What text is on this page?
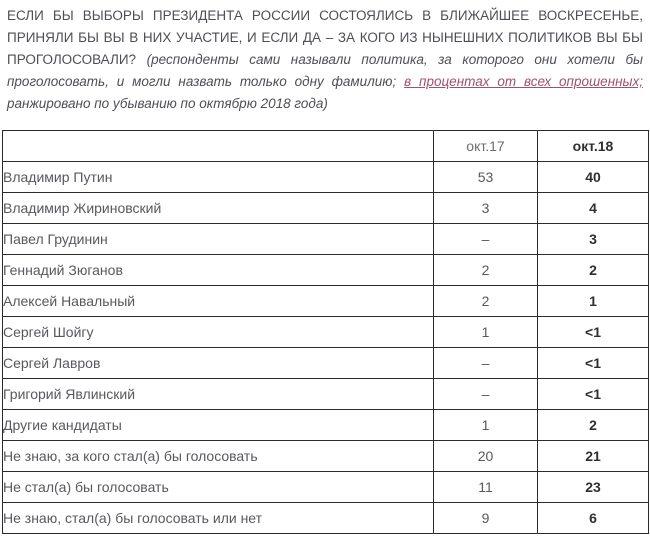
ЕСЛИ БЫ ВЫБОРЫ ПРЕЗИДЕНТА РОССИИ СОСТОЯЛИСЬ В БЛИЖАЙШЕЕ ВОСКРЕСЕНЬЕ,
ПРИНЯЛИ БЫ ВЫ В НИХ УЧАСТИЕ, И ЕСЛИ ДА – ЗА КОГО ИЗ НЫНЕШНИХ ПОЛИТИКОВ ВЫ БЫ
ПРОГОЛОСОВАЛИ? (респонденты сами называли политика, за которого они хотели бы
проголосовать, и могли назвать только одну фамилию; в процентах от всех опрошенных;
ранжировано по убыванию по октябрю 2018 года)
	окт.17	окт.18
Владимир Путин	53	40
Владимир Жириновский	3	4
Павел Грудинин	–	3
Геннадий Зюганов	2	2
Алексей Навальный	2	1
Сергей Шойгу	1	<1
Сергей Лавров	–	<1
Григорий Явлинский	–	<1
Другие кандидаты	1	2
Не знаю, за кого стал(а) бы голосовать	20	21
Не стал(а) бы голосовать	11	23
Не знаю, стал(а) бы голосовать или нет	9	6
